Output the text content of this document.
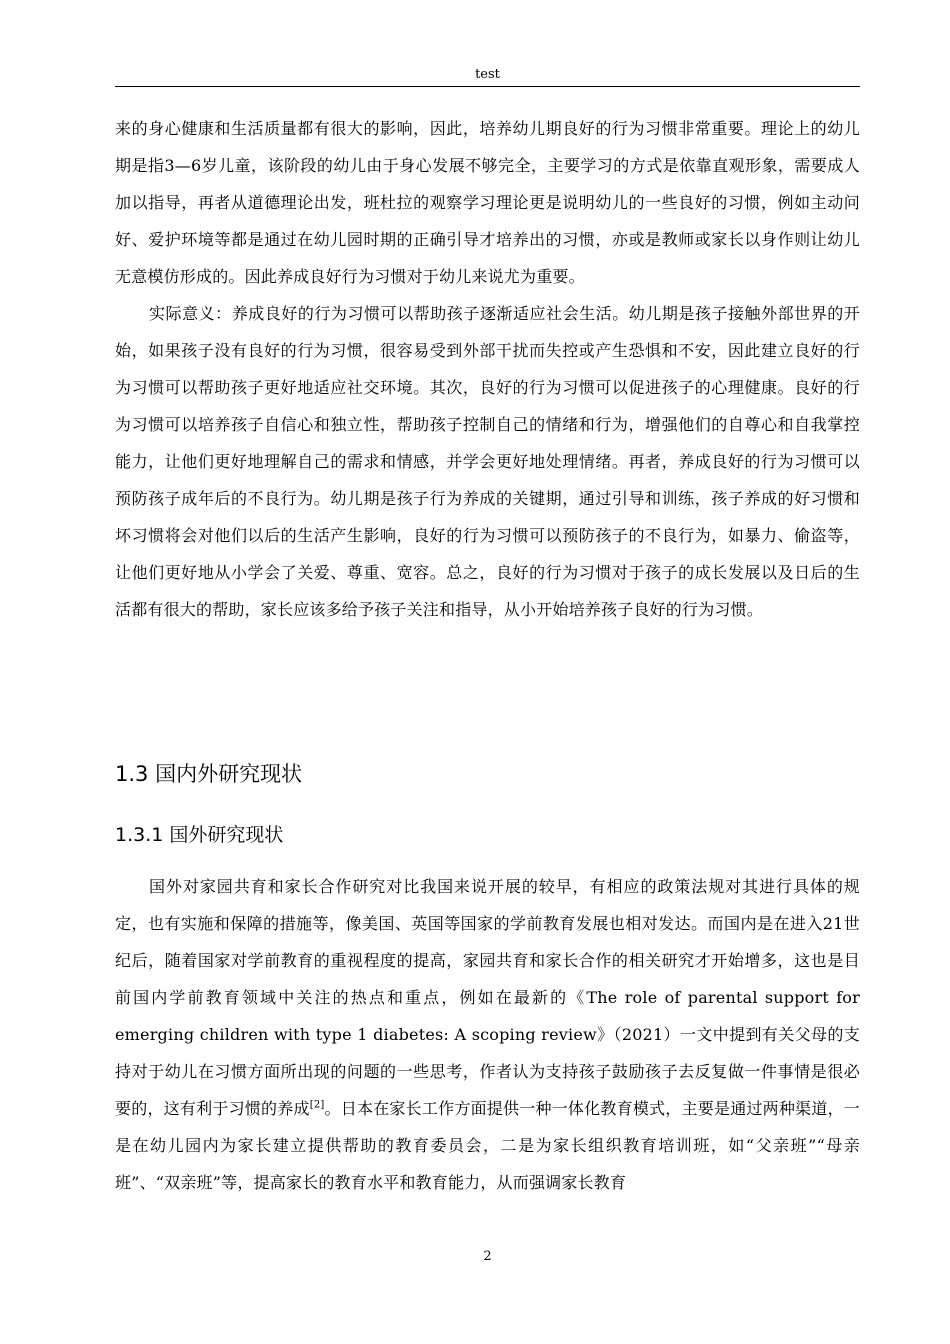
test

来的身心健康和生活质量都有很大的影响，因此，培养幼儿期良好的行为习惯非常重要。理论上的幼儿期是指3—6岁儿童，该阶段的幼儿由于身心发展不够完全，主要学习的方式是依靠直观形象，需要成人加以指导，再者从道德理论出发，班杜拉的观察学习理论更是说明幼儿的一些良好的习惯，例如主动问好、爱护环境等都是通过在幼儿园时期的正确引导才培养出的习惯，亦或是教师或家长以身作则让幼儿无意模仿形成的。因此养成良好行为习惯对于幼儿来说尤为重要。

实际意义：养成良好的行为习惯可以帮助孩子逐渐适应社会生活。幼儿期是孩子接触外部世界的开始，如果孩子没有良好的行为习惯，很容易受到外部干扰而失控或产生恐惧和不安，因此建立良好的行为习惯可以帮助孩子更好地适应社交环境。其次，良好的行为习惯可以促进孩子的心理健康。良好的行为习惯可以培养孩子自信心和独立性，帮助孩子控制自己的情绪和行为，增强他们的自尊心和自我掌控能力，让他们更好地理解自己的需求和情感，并学会更好地处理情绪。再者，养成良好的行为习惯可以预防孩子成年后的不良行为。幼儿期是孩子行为养成的关键期，通过引导和训练，孩子养成的好习惯和坏习惯将会对他们以后的生活产生影响，良好的行为习惯可以预防孩子的不良行为，如暴力、偷盗等，让他们更好地从小学会了关爱、尊重、宽容。总之，良好的行为习惯对于孩子的成长发展以及日后的生活都有很大的帮助，家长应该多给予孩子关注和指导，从小开始培养孩子良好的行为习惯。

1.3 国内外研究现状
1.3.1 国外研究现状

国外对家园共育和家长合作研究对比我国来说开展的较早，有相应的政策法规对其进行具体的规定，也有实施和保障的措施等，像美国、英国等国家的学前教育发展也相对发达。而国内是在进入21世纪后，随着国家对学前教育的重视程度的提高，家园共育和家长合作的相关研究才开始增多，这也是目前国内学前教育领域中关注的热点和重点，例如在最新的《The role of parental support for emerging children with type 1 diabetes: A scoping review》（2021）一文中提到有关父母的支持对于幼儿在习惯方面所出现的问题的一些思考，作者认为支持孩子鼓励孩子去反复做一件事情是很必要的，这有利于习惯的养成[2]。日本在家长工作方面提供一种一体化教育模式，主要是通过两种渠道，一是在幼儿园内为家长建立提供帮助的教育委员会，二是为家长组织教育培训班，如“父亲班”“母亲班”、“双亲班”等，提高家长的教育水平和教育能力，从而强调家长教育

2
